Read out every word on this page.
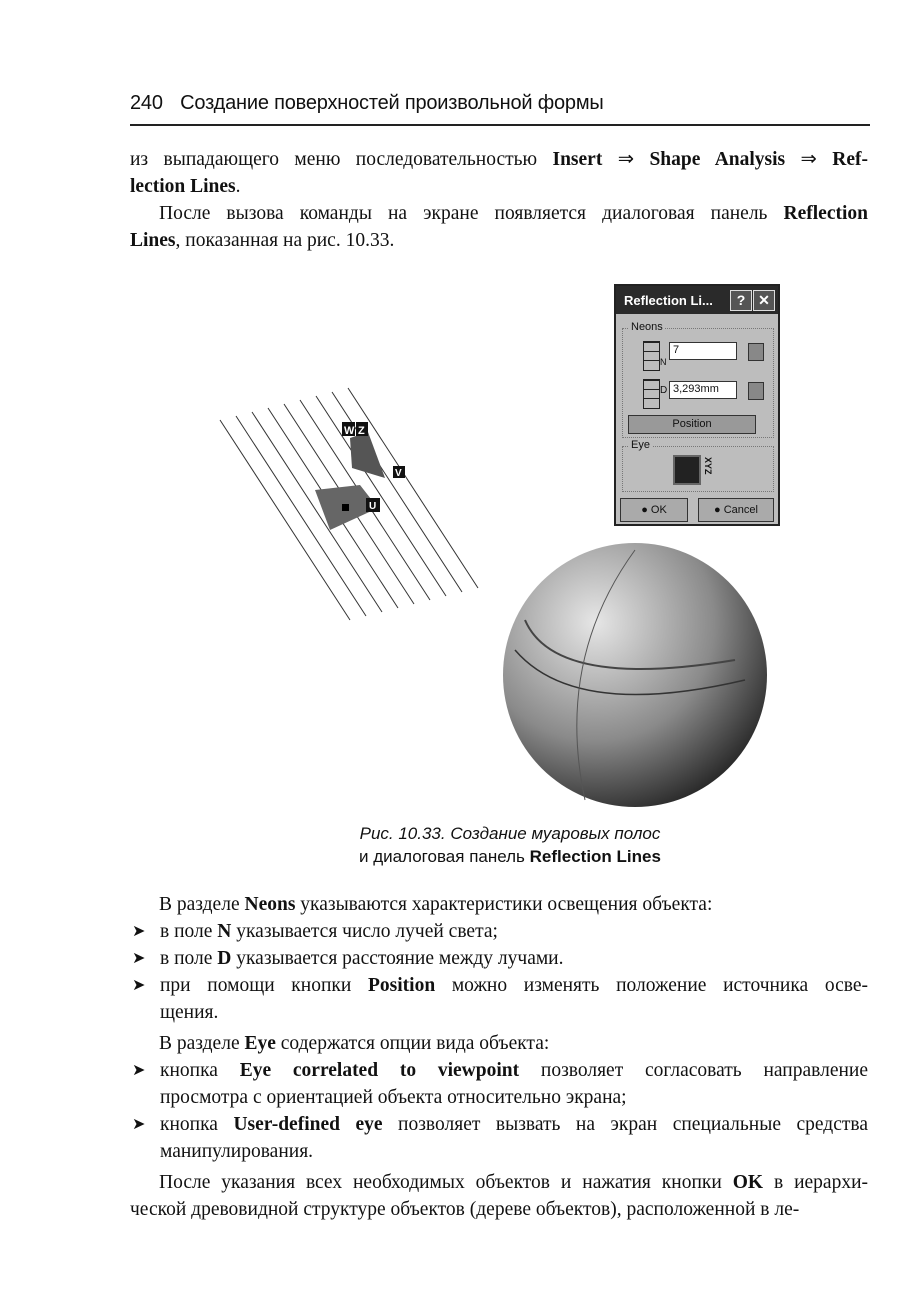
240 Создание поверхностей произвольной формы
из выпадающего меню последовательностью Insert ⇒ Shape Analysis ⇒ Ref-
lection Lines.
После вызова команды на экране появляется диалоговая панель Reflection
Lines, показанная на рис. 10.33.
W Z
V
U
Reflection Li...	? ✕
Neons
N
7
D 3,293mm
Position
Eye
XYZ
● OK	● Cancel
Рис. 10.33. Создание муаровых полос
и диалоговая панель Reflection Lines
В разделе Neons указываются характеристики освещения объекта:
➤ в поле N указывается число лучей света;
➤ в поле D указывается расстояние между лучами.
➤ при помощи кнопки Position можно изменять положение источника осве-
щения.
В разделе Eye содержатся опции вида объекта:
➤ кнопка Eye correlated to viewpoint позволяет согласовать направление
просмотра с ориентацией объекта относительно экрана;
➤ кнопка User-defined eye позволяет вызвать на экран специальные средства
манипулирования.
После указания всех необходимых объектов и нажатия кнопки OK в иерархи-
ческой древовидной структуре объектов (дереве объектов), расположенной в ле-
